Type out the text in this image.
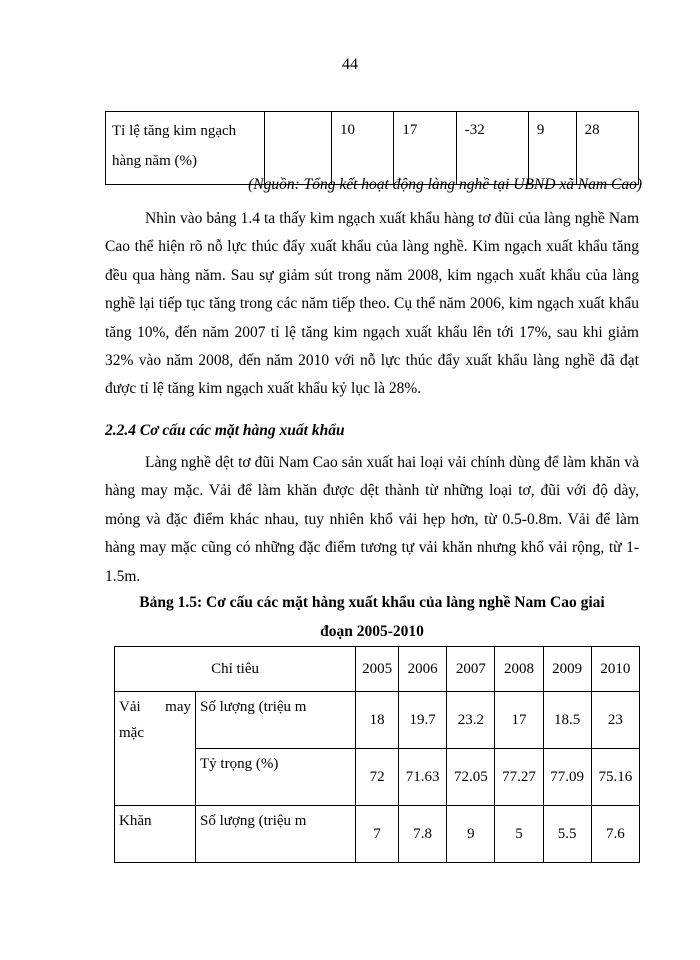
44
Tỉ lệ tăng kim ngạch hàng năm (%)		10	17	-32	9	28
(Nguồn: Tổng kết hoạt động làng nghề tại UBND xã Nam Cao)

Nhìn vào bảng 1.4 ta thấy kim ngạch xuất khẩu hàng tơ đũi của làng nghề Nam Cao thể hiện rõ nỗ lực thúc đẩy xuất khẩu của làng nghề. Kim ngạch xuất khẩu tăng đều qua hàng năm. Sau sự giảm sút trong năm 2008, kim ngạch xuất khẩu của làng nghề lại tiếp tục tăng trong các năm tiếp theo. Cụ thể năm 2006, kim ngạch xuất khẩu tăng 10%, đến năm 2007 tỉ lệ tăng kim ngạch xuất khẩu lên tới 17%, sau khi giảm 32% vào năm 2008, đến năm 2010 với nỗ lực thúc đẩy xuất khẩu làng nghề đã đạt được tỉ lệ tăng kim ngạch xuất khẩu kỷ lục là 28%.

2.2.4 Cơ cấu các mặt hàng xuất khẩu

Làng nghề dệt tơ đũi Nam Cao sản xuất hai loại vải chính dùng để làm khăn và hàng may mặc. Vải để làm khăn được dệt thành từ những loại tơ, đũi với độ dày, mỏng và đặc điểm khác nhau, tuy nhiên khổ vải hẹp hơn, từ 0.5-0.8m. Vải để làm hàng may mặc cũng có những đặc điểm tương tự vải khăn nhưng khổ vải rộng, từ 1-1.5m.

Bảng 1.5: Cơ cấu các mặt hàng xuất khẩu của làng nghề Nam Cao giai
đoạn 2005-2010
Chỉ tiêu		2005	2006	2007	2008	2009	2010
Vải may mặc	Số lượng (triệu m	18	19.7	23.2	17	18.5	23
	Tỷ trọng (%)	72	71.63	72.05	77.27	77.09	75.16
Khăn	Số lượng (triệu m	7	7.8	9	5	5.5	7.6
